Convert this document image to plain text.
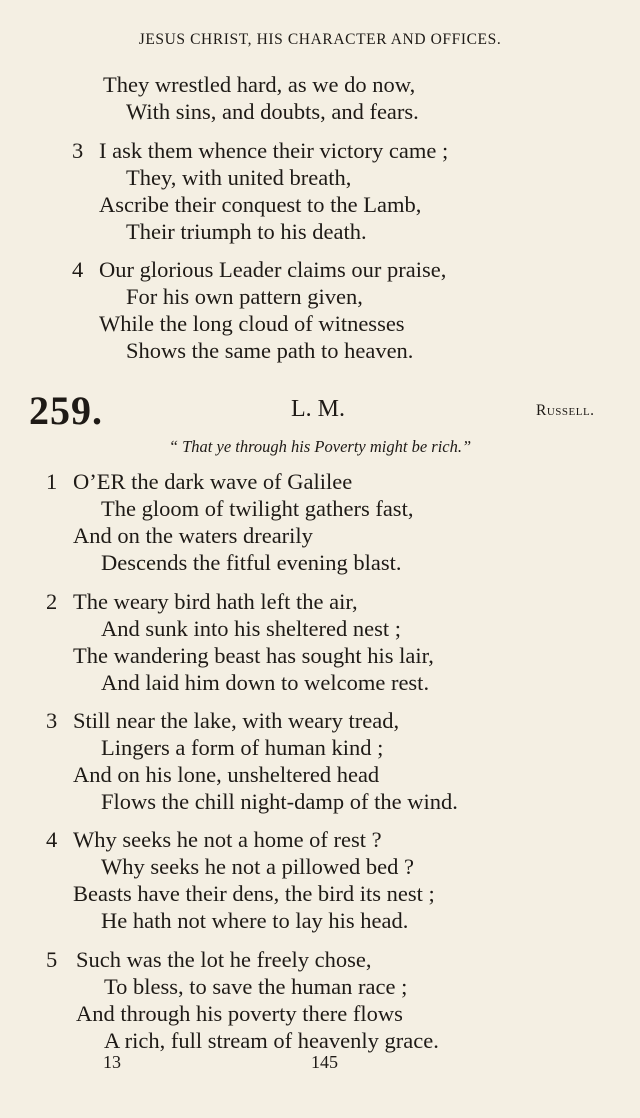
JESUS CHRIST, HIS CHARACTER AND OFFICES.
They wrestled hard, as we do now,
With sins, and doubts, and fears.
3 I ask them whence their victory came ;
They, with united breath,
Ascribe their conquest to the Lamb,
Their triumph to his death.
4 Our glorious Leader claims our praise,
For his own pattern given,
While the long cloud of witnesses
Shows the same path to heaven.
259.	L. M.	Russell.
“ That ye through his Poverty might be rich.”
1 O’ER the dark wave of Galilee
The gloom of twilight gathers fast,
And on the waters drearily
Descends the fitful evening blast.
2 The weary bird hath left the air,
And sunk into his sheltered nest ;
The wandering beast has sought his lair,
And laid him down to welcome rest.
3 Still near the lake, with weary tread,
Lingers a form of human kind ;
And on his lone, unsheltered head
Flows the chill night-damp of the wind.
4 Why seeks he not a home of rest ?
Why seeks he not a pillowed bed ?
Beasts have their dens, the bird its nest ;
He hath not where to lay his head.
5 Such was the lot he freely chose,
To bless, to save the human race ;
And through his poverty there flows
A rich, full stream of heavenly grace.
13	145
